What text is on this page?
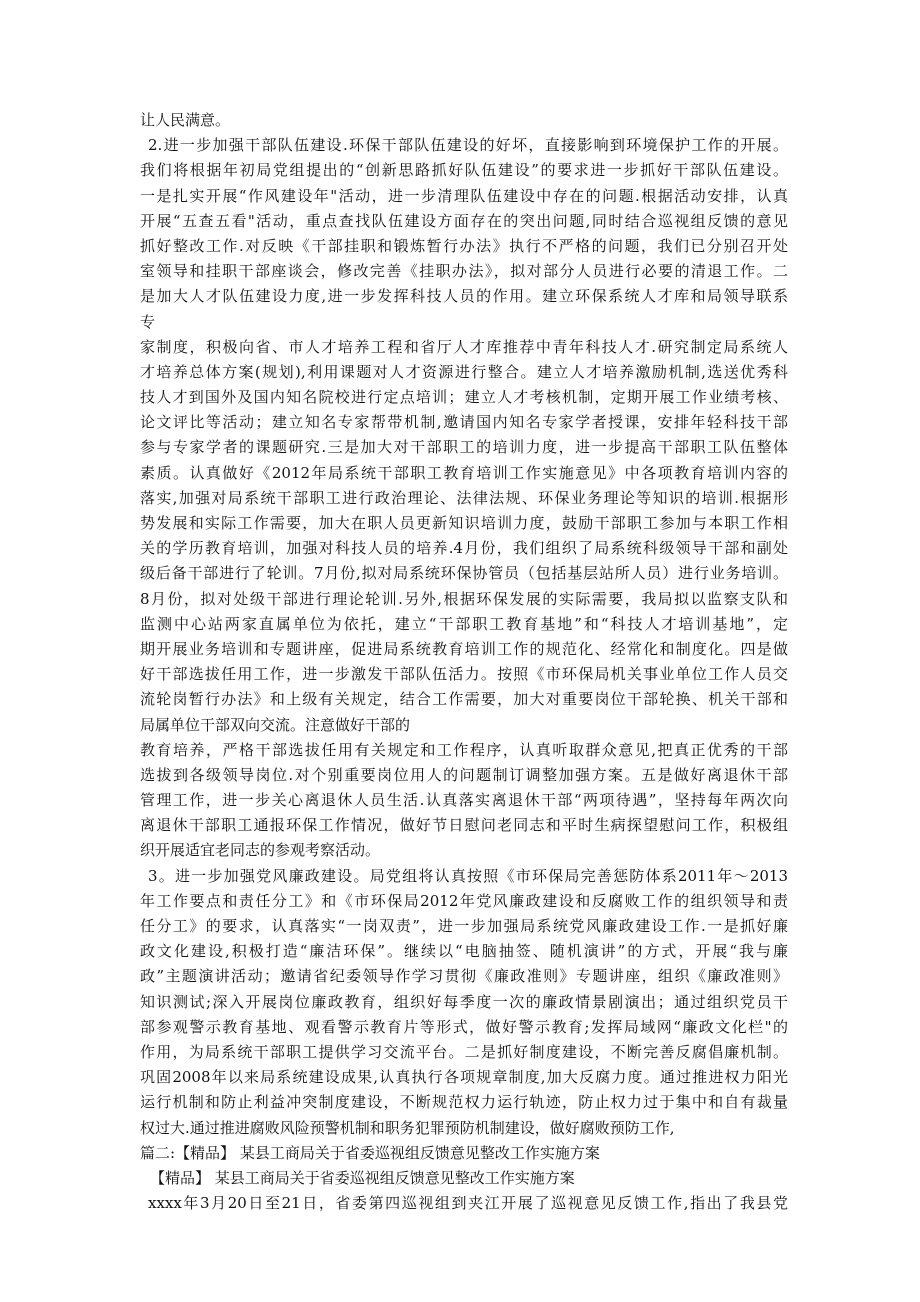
让人民满意。
2.进一步加强干部队伍建设.环保干部队伍建设的好坏，直接影响到环境保护工作的开展。
我们将根据年初局党组提出的“创新思路抓好队伍建设”的要求进一步抓好干部队伍建设。
一是扎实开展“作风建设年"活动，进一步清理队伍建设中存在的问题.根据活动安排，认真
开展“五查五看"活动，重点查找队伍建设方面存在的突出问题,同时结合巡视组反馈的意见
抓好整改工作.对反映《干部挂职和锻炼暂行办法》执行不严格的问题，我们已分别召开处
室领导和挂职干部座谈会，修改完善《挂职办法》，拟对部分人员进行必要的清退工作。二
是加大人才队伍建设力度,进一步发挥科技人员的作用。建立环保系统人才库和局领导联系
专
家制度，积极向省、市人才培养工程和省厅人才库推荐中青年科技人才.研究制定局系统人
才培养总体方案(规划),利用课题对人才资源进行整合。建立人才培养激励机制,选送优秀科
技人才到国外及国内知名院校进行定点培训；建立人才考核机制，定期开展工作业绩考核、
论文评比等活动；建立知名专家帮带机制,邀请国内知名专家学者授课，安排年轻科技干部
参与专家学者的课题研究.三是加大对干部职工的培训力度，进一步提高干部职工队伍整体
素质。认真做好《2012年局系统干部职工教育培训工作实施意见》中各项教育培训内容的
落实,加强对局系统干部职工进行政治理论、法律法规、环保业务理论等知识的培训.根据形
势发展和实际工作需要，加大在职人员更新知识培训力度，鼓励干部职工参加与本职工作相
关的学历教育培训，加强对科技人员的培养.4月份，我们组织了局系统科级领导干部和副处
级后备干部进行了轮训。7月份,拟对局系统环保协管员（包括基层站所人员）进行业务培训。
8月份，拟对处级干部进行理论轮训.另外,根据环保发展的实际需要，我局拟以监察支队和
监测中心站两家直属单位为依托，建立“干部职工教育基地”和“科技人才培训基地”，定
期开展业务培训和专题讲座，促进局系统教育培训工作的规范化、经常化和制度化。四是做
好干部选拔任用工作，进一步激发干部队伍活力。按照《市环保局机关事业单位工作人员交
流轮岗暂行办法》和上级有关规定，结合工作需要，加大对重要岗位干部轮换、机关干部和
局属单位干部双向交流。注意做好干部的
教育培养，严格干部选拔任用有关规定和工作程序，认真听取群众意见,把真正优秀的干部
选拔到各级领导岗位.对个别重要岗位用人的问题制订调整加强方案。五是做好离退休干部
管理工作，进一步关心离退休人员生活.认真落实离退休干部“两项待遇”，坚持每年两次向
离退休干部职工通报环保工作情况，做好节日慰问老同志和平时生病探望慰问工作，积极组
织开展适宜老同志的参观考察活动。
3。进一步加强党风廉政建设。局党组将认真按照《市环保局完善惩防体系2011年～2013
年工作要点和责任分工》和《市环保局2012年党风廉政建设和反腐败工作的组织领导和责
任分工》的要求，认真落实“一岗双责”，进一步加强局系统党风廉政建设工作.一是抓好廉
政文化建设,积极打造“廉洁环保”。继续以“电脑抽签、随机演讲”的方式，开展“我与廉
政”主题演讲活动；邀请省纪委领导作学习贯彻《廉政准则》专题讲座，组织《廉政准则》
知识测试;深入开展岗位廉政教育，组织好每季度一次的廉政情景剧演出；通过组织党员干
部参观警示教育基地、观看警示教育片等形式，做好警示教育;发挥局域网“廉政文化栏"的
作用，为局系统干部职工提供学习交流平台。二是抓好制度建设，不断完善反腐倡廉机制。
巩固2008年以来局系统建设成果,认真执行各项规章制度,加大反腐力度。通过推进权力阳光
运行机制和防止利益冲突制度建设，不断规范权力运行轨迹，防止权力过于集中和自有裁量
权过大.通过推进腐败风险预警机制和职务犯罪预防机制建设，做好腐败预防工作,
篇二:【精品】 某县工商局关于省委巡视组反馈意见整改工作实施方案
【精品】 某县工商局关于省委巡视组反馈意见整改工作实施方案
xxxx年3月20日至21日，省委第四巡视组到夹江开展了巡视意见反馈工作,指出了我县党
